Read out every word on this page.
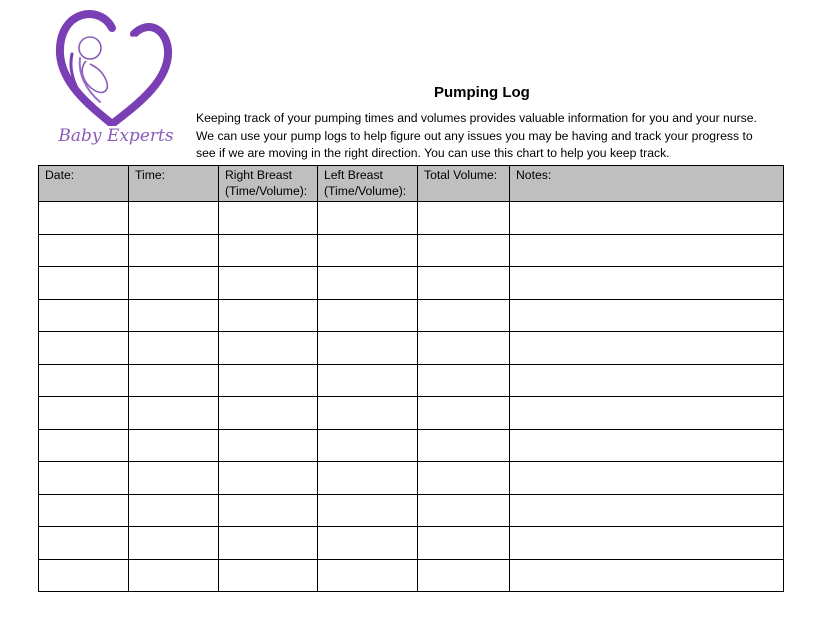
Baby Experts
Pumping Log
Keeping track of your pumping times and volumes provides valuable information for you and your nurse. We can use your pump logs to help figure out any issues you may be having and track your progress to see if we are moving in the right direction. You can use this chart to help you keep track.
Date:	Time:	Right Breast (Time/Volume):	Left Breast (Time/Volume):	Total Volume:	Notes:
